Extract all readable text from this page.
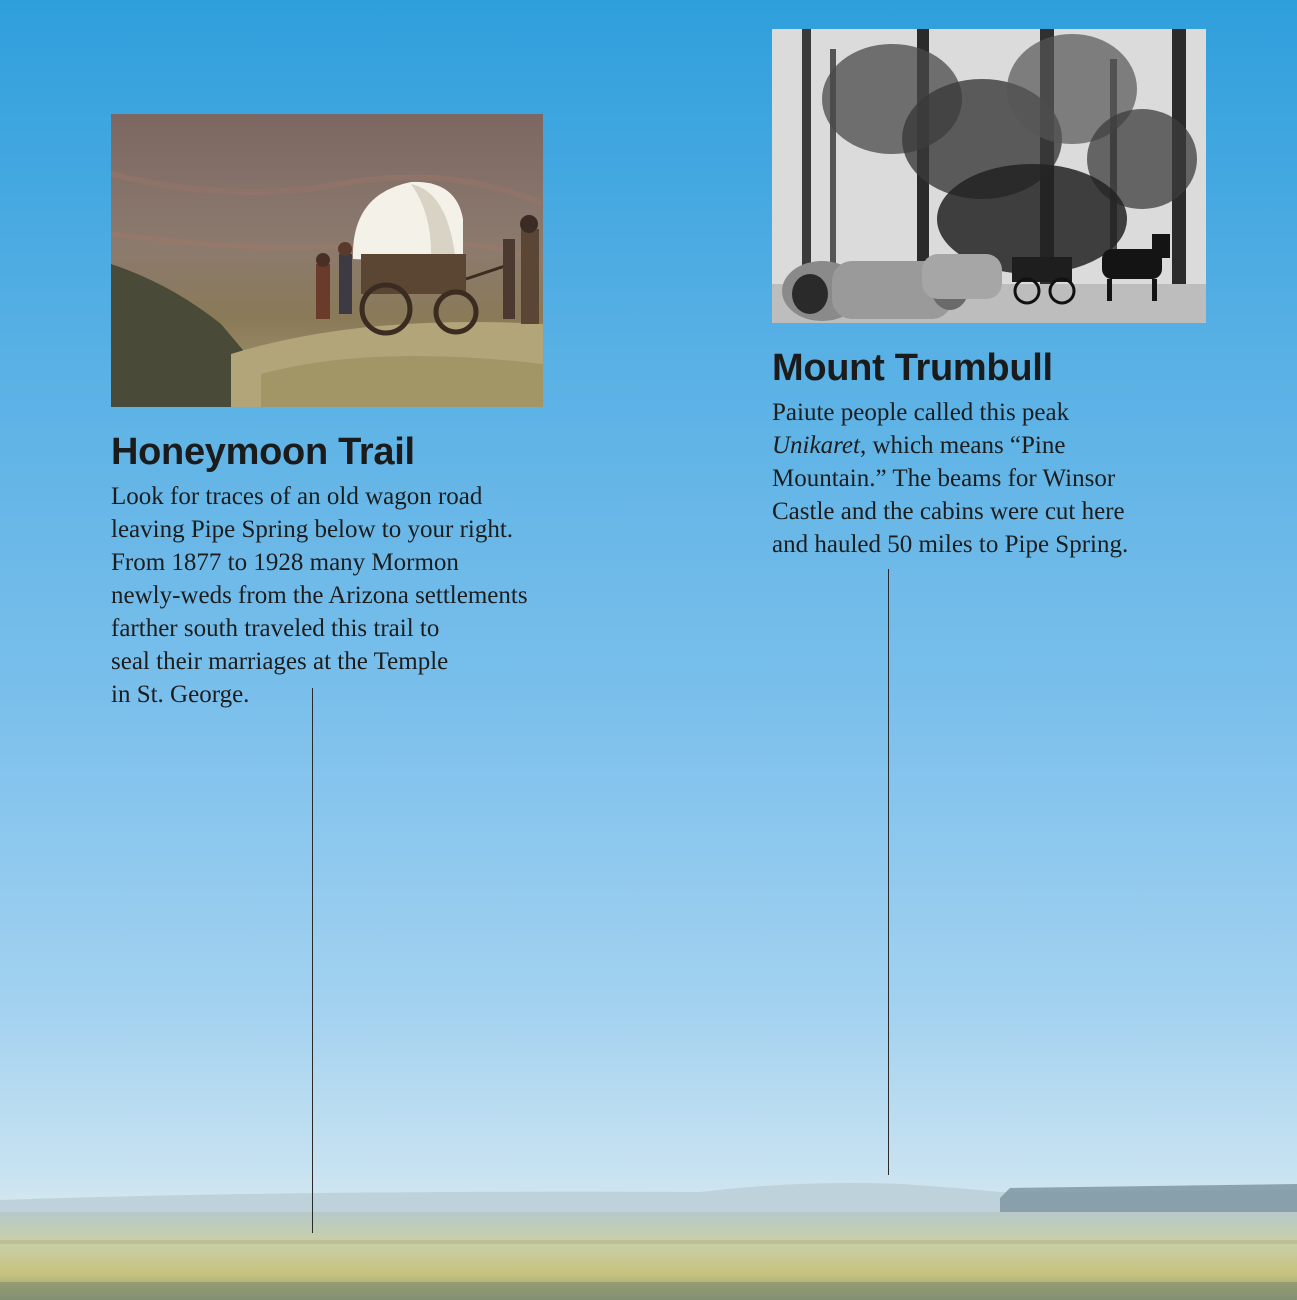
Honeymoon Trail

Look for traces of an old wagon road
leaving Pipe Spring below to your right.
From 1877 to 1928 many Mormon
newly-weds from the Arizona settlements
farther south traveled this trail to
seal their marriages at the Temple
in St. George.

Mount Trumbull

Paiute people called this peak
Unikaret, which means “Pine
Mountain.” The beams for Winsor
Castle and the cabins were cut here
and hauled 50 miles to Pipe Spring.
